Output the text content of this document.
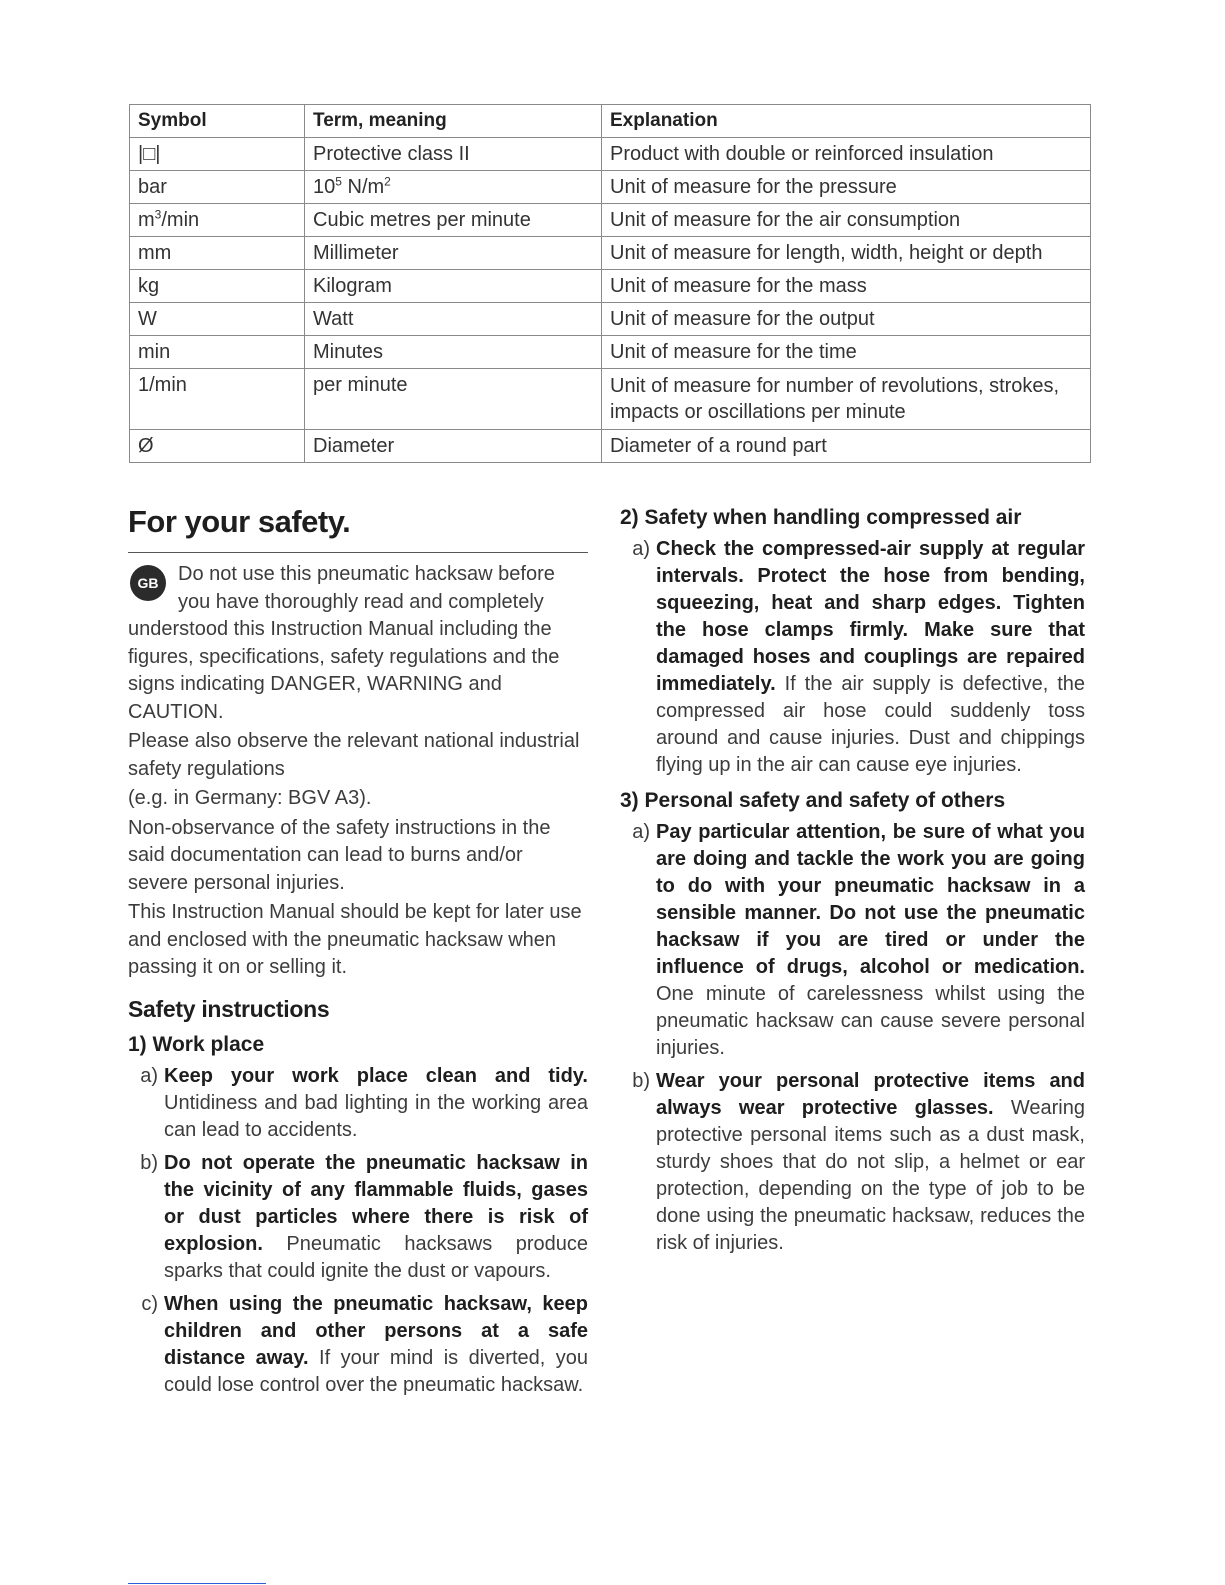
Symbol	Term, meaning	Explanation
|□|	Protective class II	Product with double or reinforced insulation
bar	$10^5$ $N/m^2$	Unit of measure for the pressure
$m^3/\min$	Cubic metres per minute	Unit of measure for the air consumption
mm	Millimeter	Unit of measure for length, width, height or depth
kg	Kilogram	Unit of measure for the mass
W	Watt	Unit of measure for the output
min	Minutes	Unit of measure for the time
1/min	per minute	Unit of measure for number of revolutions, strokes, impacts or oscillations per minute
Ø	Diameter	Diameter of a round part
For your safety.
GB Do not use this pneumatic hacksaw before you have thoroughly read and completely understood this Instruction Manual including the figures, specifications, safety regulations and the signs indicating DANGER, WARNING and CAUTION.

Please also observe the relevant national industrial safety regulations

(e.g. in Germany: BGV A3).

Non-observance of the safety instructions in the said documentation can lead to burns and/or severe personal injuries.

This Instruction Manual should be kept for later use and enclosed with the pneumatic hacksaw when passing it on or selling it.

Safety instructions
1) Work place
a) Keep your work place clean and tidy. Untidiness and bad lighting in the working area can lead to accidents.
b) Do not operate the pneumatic hacksaw in the vicinity of any flammable fluids, gases or dust particles where there is risk of explosion. Pneumatic hacksaws produce sparks that could ignite the dust or vapours.
c) When using the pneumatic hacksaw, keep children and other persons at a safe distance away. If your mind is diverted, you could lose control over the pneumatic hacksaw.
2) Safety when handling compressed air
a) Check the compressed-air supply at regular intervals. Protect the hose from bending, squeezing, heat and sharp edges. Tighten the hose clamps firmly. Make sure that damaged hoses and couplings are repaired immediately. If the air supply is defective, the compressed air hose could suddenly toss around and cause injuries. Dust and chippings flying up in the air can cause eye injuries.
3) Personal safety and safety of others
a) Pay particular attention, be sure of what you are doing and tackle the work you are going to do with your pneumatic hacksaw in a sensible manner. Do not use the pneumatic hacksaw if you are tired or under the influence of drugs, alcohol or medication. One minute of carelessness whilst using the pneumatic hacksaw can cause severe personal injuries.
b) Wear your personal protective items and always wear protective glasses. Wearing protective personal items such as a dust mask, sturdy shoes that do not slip, a helmet or ear protection, depending on the type of job to be done using the pneumatic hacksaw, reduces the risk of injuries.
